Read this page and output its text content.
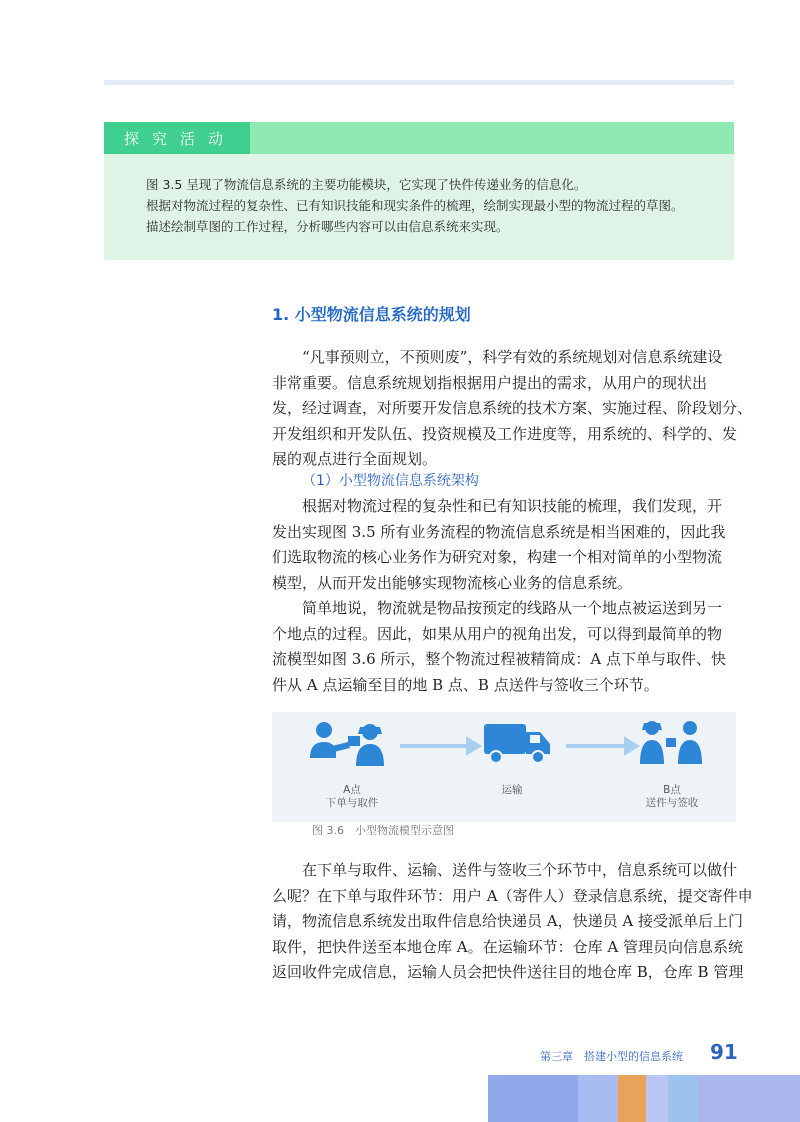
探究活动

图 3.5 呈现了物流信息系统的主要功能模块，它实现了快件传递业务的信息化。

根据对物流过程的复杂性、已有知识技能和现实条件的梳理，绘制实现最小型的物流过程的草图。

描述绘制草图的工作过程，分析哪些内容可以由信息系统来实现。

1. 小型物流信息系统的规划
“凡事预则立，不预则废”，科学有效的系统规划对信息系统建设
非常重要。信息系统规划指根据用户提出的需求，从用户的现状出
发，经过调查，对所要开发信息系统的技术方案、实施过程、阶段划分、
开发组织和开发队伍、投资规模及工作进度等，用系统的、科学的、发
展的观点进行全面规划。
（1）小型物流信息系统架构
根据对物流过程的复杂性和已有知识技能的梳理，我们发现，开
发出实现图 3.5 所有业务流程的物流信息系统是相当困难的，因此我
们选取物流的核心业务作为研究对象，构建一个相对简单的小型物流
模型，从而开发出能够实现物流核心业务的信息系统。
简单地说，物流就是物品按预定的线路从一个地点被运送到另一
个地点的过程。因此，如果从用户的视角出发，可以得到最简单的物
流模型如图 3.6 所示，整个物流过程被精简成：A 点下单与取件、快
件从 A 点运输至目的地 B 点、B 点送件与签收三个环节。
A点
下单与取件
运输	B点
送件与签收
图 3.6　小型物流模型示意图
在下单与取件、运输、送件与签收三个环节中，信息系统可以做什
么呢？在下单与取件环节：用户 A（寄件人）登录信息系统，提交寄件申
请，物流信息系统发出取件信息给快递员 A，快递员 A 接受派单后上门
取件，把快件送至本地仓库 A。在运输环节：仓库 A 管理员向信息系统
返回收件完成信息，运输人员会把快件送往目的地仓库 B，仓库 B 管理
第三章　搭建小型的信息系统 91
